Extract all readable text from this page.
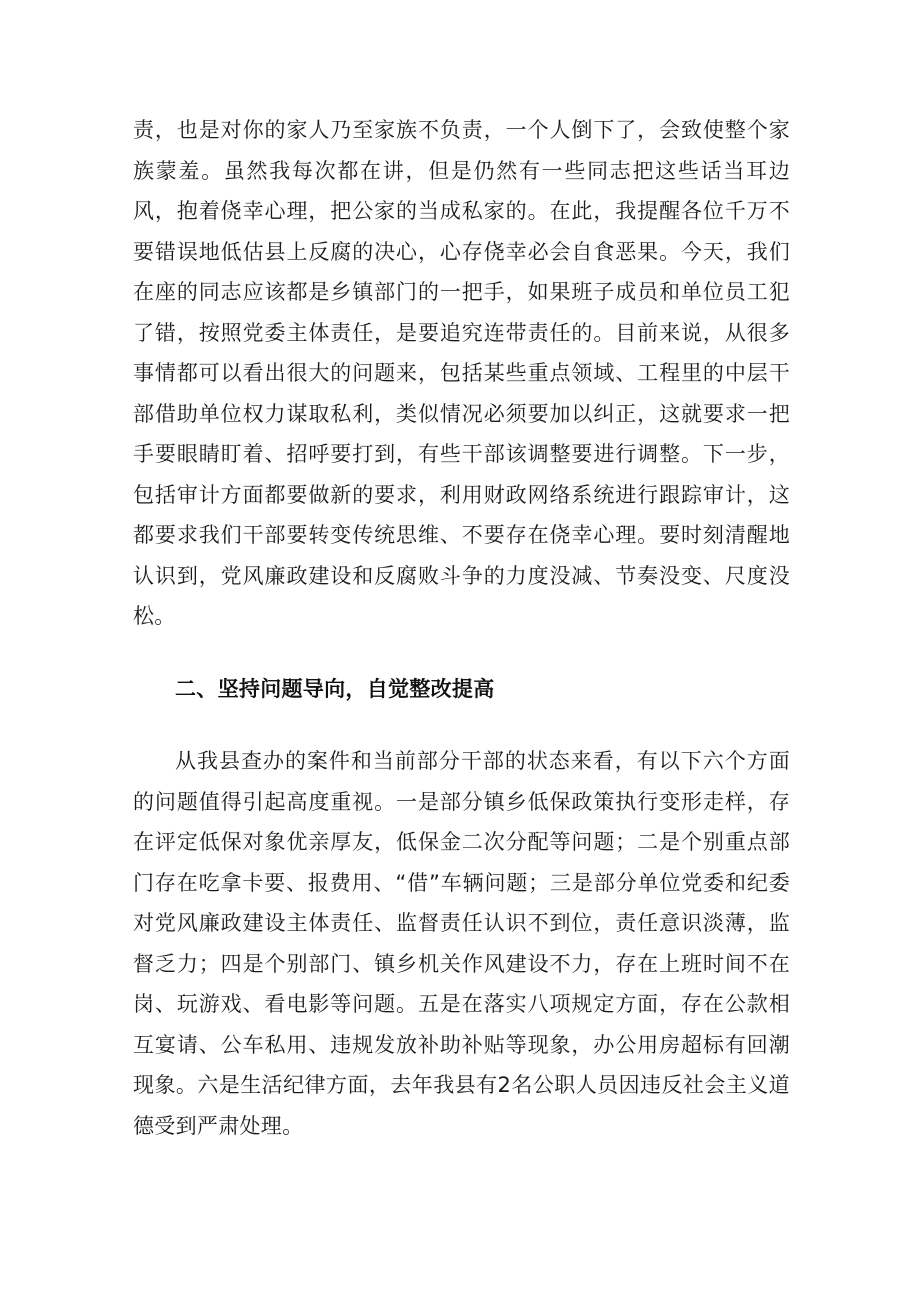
责，也是对你的家人乃至家族不负责，一个人倒下了，会致使整个家族蒙羞。虽然我每次都在讲，但是仍然有一些同志把这些话当耳边风，抱着侥幸心理，把公家的当成私家的。在此，我提醒各位千万不要错误地低估县上反腐的决心，心存侥幸必会自食恶果。今天，我们在座的同志应该都是乡镇部门的一把手，如果班子成员和单位员工犯了错，按照党委主体责任，是要追究连带责任的。目前来说，从很多事情都可以看出很大的问题来，包括某些重点领域、工程里的中层干部借助单位权力谋取私利，类似情况必须要加以纠正，这就要求一把手要眼睛盯着、招呼要打到，有些干部该调整要进行调整。下一步，包括审计方面都要做新的要求，利用财政网络系统进行跟踪审计，这都要求我们干部要转变传统思维、不要存在侥幸心理。要时刻清醒地认识到，党风廉政建设和反腐败斗争的力度没减、节奏没变、尺度没松。

二、坚持问题导向，自觉整改提高

从我县查办的案件和当前部分干部的状态来看，有以下六个方面的问题值得引起高度重视。一是部分镇乡低保政策执行变形走样，存在评定低保对象优亲厚友，低保金二次分配等问题；二是个别重点部门存在吃拿卡要、报费用、“借”车辆问题；三是部分单位党委和纪委对党风廉政建设主体责任、监督责任认识不到位，责任意识淡薄，监督乏力；四是个别部门、镇乡机关作风建设不力，存在上班时间不在岗、玩游戏、看电影等问题。五是在落实八项规定方面，存在公款相互宴请、公车私用、违规发放补助补贴等现象，办公用房超标有回潮现象。六是生活纪律方面，去年我县有2名公职人员因违反社会主义道德受到严肃处理。
